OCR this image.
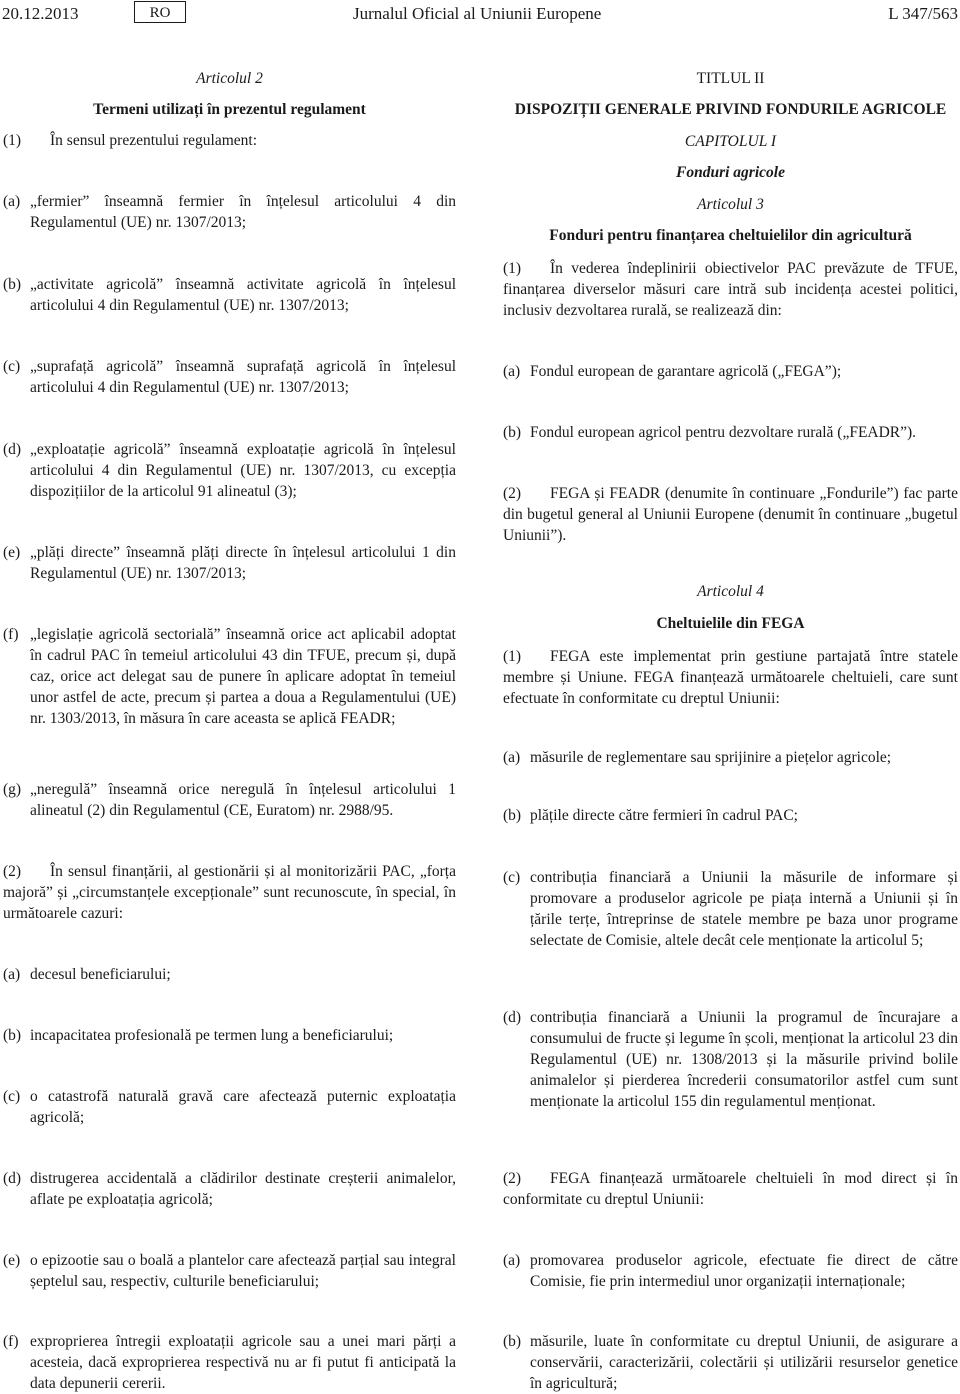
20.12.2013	RO	Jurnalul Oficial al Uniunii Europene	L 347/563
Articolul 2
Termeni utilizați în prezentul regulament
(1) În sensul prezentului regulament:
(a) „fermier” înseamnă fermier în înțelesul articolului 4 din Regulamentul (UE) nr. 1307/2013;
(b) „activitate agricolă” înseamnă activitate agricolă în înțelesul articolului 4 din Regulamentul (UE) nr. 1307/2013;
(c) „suprafață agricolă” înseamnă suprafață agricolă în înțelesul articolului 4 din Regulamentul (UE) nr. 1307/2013;
(d) „exploatație agricolă” înseamnă exploatație agricolă în înțelesul articolului 4 din Regulamentul (UE) nr. 1307/2013, cu excepția dispozițiilor de la articolul 91 alineatul (3);
(e) „plăți directe” înseamnă plăți directe în înțelesul articolului 1 din Regulamentul (UE) nr. 1307/2013;
(f) „legislație agricolă sectorială” înseamnă orice act aplicabil adoptat în cadrul PAC în temeiul articolului 43 din TFUE, precum și, după caz, orice act delegat sau de punere în aplicare adoptat în temeiul unor astfel de acte, precum și partea a doua a Regulamentului (UE) nr. 1303/2013, în măsura în care aceasta se aplică FEADR;
(g) „neregulă” înseamnă orice neregulă în înțelesul articolului 1 alineatul (2) din Regulamentul (CE, Euratom) nr. 2988/95.
(2) În sensul finanțării, al gestionării și al monitorizării PAC, „forța majoră” și „circumstanțele excepționale” sunt recunoscute, în special, în următoarele cazuri:
(a) decesul beneficiarului;
(b) incapacitatea profesională pe termen lung a beneficiarului;
(c) o catastrofă naturală gravă care afectează puternic exploatația agricolă;
(d) distrugerea accidentală a clădirilor destinate creșterii animalelor, aflate pe exploatația agricolă;
(e) o epizootie sau o boală a plantelor care afectează parțial sau integral șeptelul sau, respectiv, culturile beneficiarului;
(f) exproprierea întregii exploatații agricole sau a unei mari părți a acesteia, dacă exproprierea respectivă nu ar fi putut fi anticipată la data depunerii cererii.
TITLUL II
DISPOZIȚII GENERALE PRIVIND FONDURILE AGRICOLE
CAPITOLUL I
Fonduri agricole
Articolul 3
Fonduri pentru finanțarea cheltuielilor din agricultură
(1) În vederea îndeplinirii obiectivelor PAC prevăzute de TFUE, finanțarea diverselor măsuri care intră sub incidența acestei politici, inclusiv dezvoltarea rurală, se realizează din:
(a) Fondul european de garantare agricolă („FEGA”);
(b) Fondul european agricol pentru dezvoltare rurală („FEADR”).
(2) FEGA și FEADR (denumite în continuare „Fondurile”) fac parte din bugetul general al Uniunii Europene (denumit în continuare „bugetul Uniunii”).
Articolul 4
Cheltuielile din FEGA
(1) FEGA este implementat prin gestiune partajată între statele membre și Uniune. FEGA finanțează următoarele cheltuieli, care sunt efectuate în conformitate cu dreptul Uniunii:
(a) măsurile de reglementare sau sprijinire a piețelor agricole;
(b) plățile directe către fermieri în cadrul PAC;
(c) contribuția financiară a Uniunii la măsurile de informare și promovare a produselor agricole pe piața internă a Uniunii și în țările terțe, întreprinse de statele membre pe baza unor programe selectate de Comisie, altele decât cele menționate la articolul 5;
(d) contribuția financiară a Uniunii la programul de încurajare a consumului de fructe și legume în școli, menționat la articolul 23 din Regulamentul (UE) nr. 1308/2013 și la măsurile privind bolile animalelor și pierderea încrederii consumatorilor astfel cum sunt menționate la articolul 155 din regulamentul menționat.
(2) FEGA finanțează următoarele cheltuieli în mod direct și în conformitate cu dreptul Uniunii:
(a) promovarea produselor agricole, efectuate fie direct de către Comisie, fie prin intermediul unor organizații internaționale;
(b) măsurile, luate în conformitate cu dreptul Uniunii, de asigurare a conservării, caracterizării, colectării și utilizării resurselor genetice în agricultură;
